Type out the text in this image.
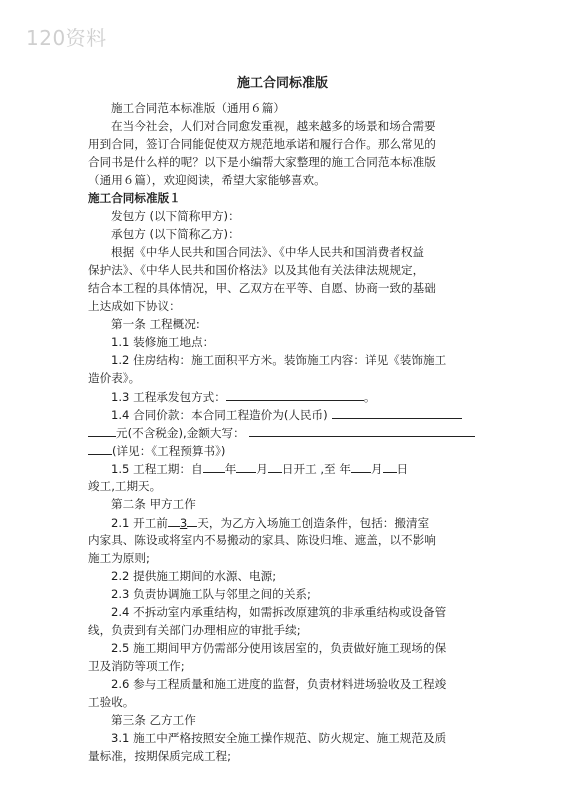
120资料
施工合同标准版
施工合同范本标准版（通用６篇）
在当今社会，人们对合同愈发重视，越来越多的场景和场合需要
用到合同，签订合同能促使双方规范地承诺和履行合作。那么常见的
合同书是什么样的呢？以下是小编帮大家整理的施工合同范本标准版
（通用６篇），欢迎阅读，希望大家能够喜欢。
施工合同标准版１
发包方 (以下简称甲方)：
承包方 (以下简称乙方)：
根据《中华人民共和国合同法》、《中华人民共和国消费者权益
保护法》、《中华人民共和国价格法》以及其他有关法律法规规定，
结合本工程的具体情况，甲、乙双方在平等、自愿、协商一致的基础
上达成如下协议：
第一条 工程概况:
1.1 装修施工地点：
1.2 住房结构：施工面积平方米。装饰施工内容：详见《装饰施工
造价表》。
1.3 工程承发包方式：	。
1.4 合同价款：本合同工程造价为(人民币)
元(不含税金),金额大写：
(详见：《工程预算书》)
1.5 工程工期：自 年 月 日开工 ,至 年 月 日
竣工,工期天。
第二条 甲方工作
2.1 开工前 3 天，为乙方入场施工创造条件，包括：搬清室
内家具、陈设或将室内不易搬动的家具、陈设归堆、遮盖，以不影响
施工为原则;
2.2 提供施工期间的水源、电源;
2.3 负责协调施工队与邻里之间的关系;
2.4 不拆动室内承重结构，如需拆改原建筑的非承重结构或设备管
线，负责到有关部门办理相应的审批手续;
2.5 施工期间甲方仍需部分使用该居室的，负责做好施工现场的保
卫及消防等项工作;
2.6 参与工程质量和施工进度的监督，负责材料进场验收及工程竣
工验收。
第三条 乙方工作
3.1 施工中严格按照安全施工操作规范、防火规定、施工规范及质
量标准，按期保质完成工程;
